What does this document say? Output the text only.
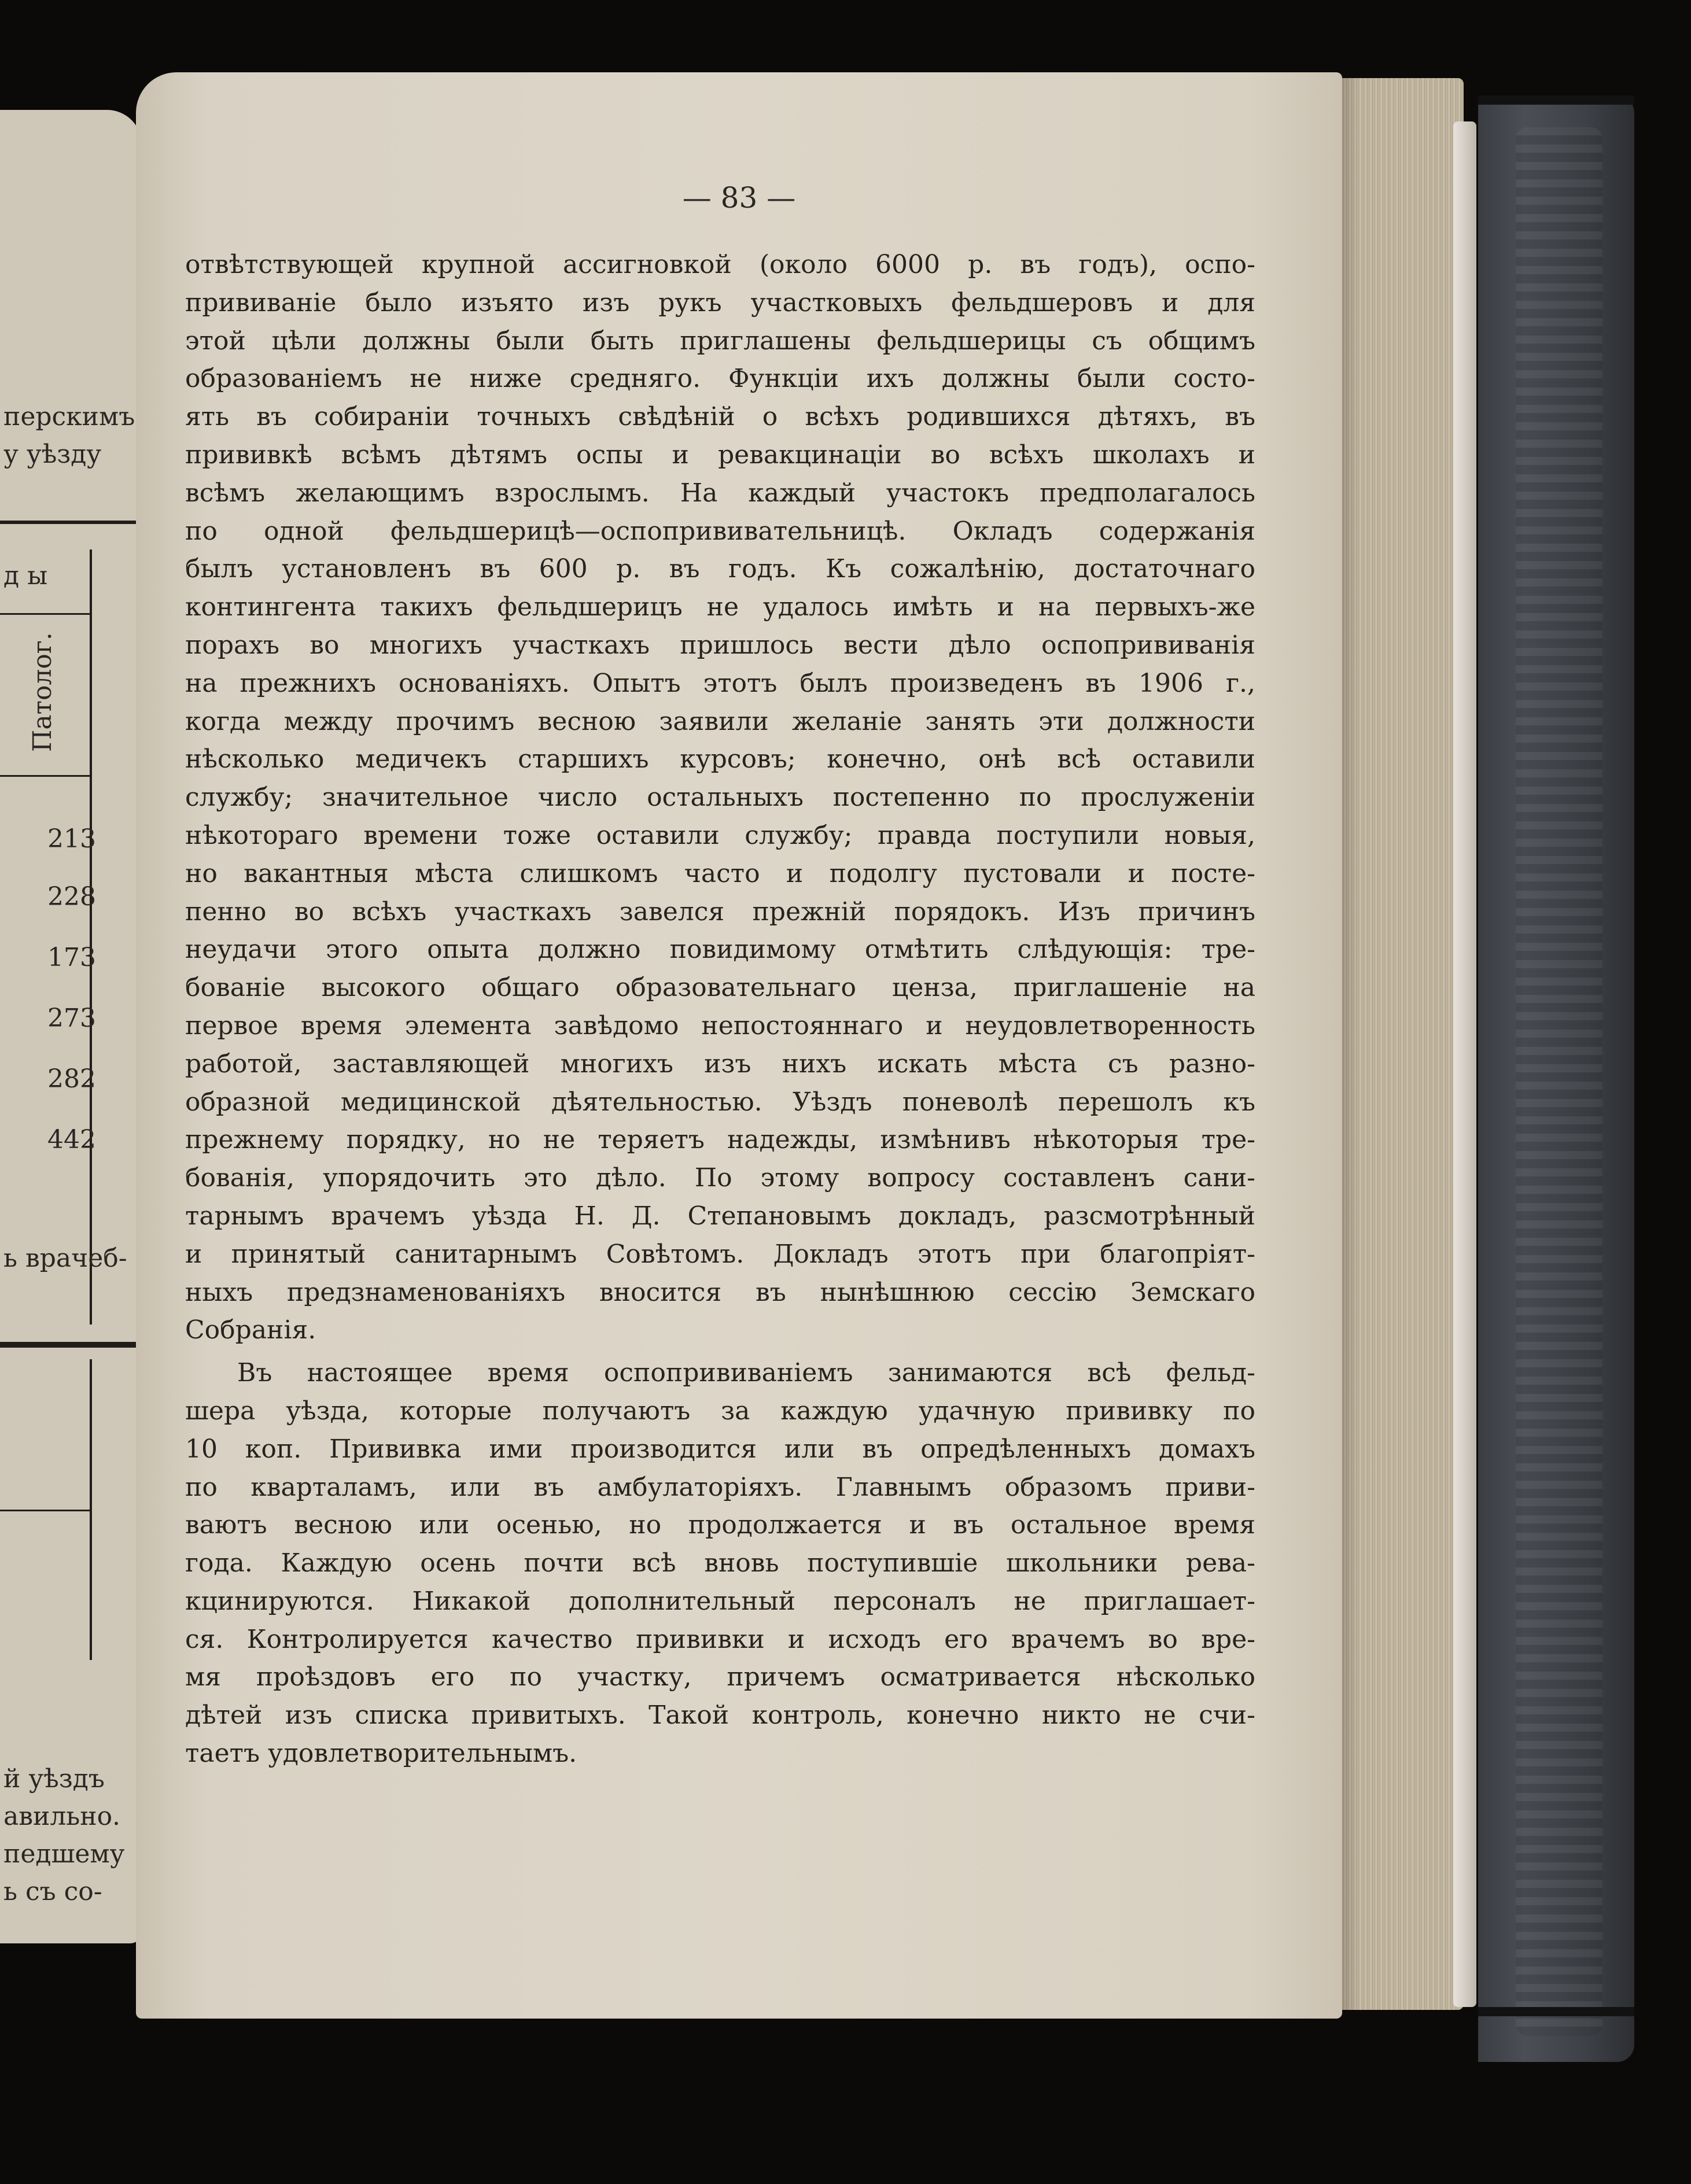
перскимъ
у уѣзду
д ы
Патолог.
213
228
173
273
282
442
ь врачеб-
й уѣздъ
авильно.
педшему
ь съ со-
— 83 —
отвѣтствующей крупной ассигновкой (около 6000 р. въ годъ), оспо-
прививаніе было изъято изъ рукъ участковыхъ фельдшеровъ и для
этой цѣли должны были быть приглашены фельдшерицы съ общимъ
образованіемъ не ниже средняго. Функціи ихъ должны были состо-
ять въ собираніи точныхъ свѣдѣній о всѣхъ родившихся дѣтяхъ, въ
прививкѣ всѣмъ дѣтямъ оспы и ревакцинаціи во всѣхъ школахъ и
всѣмъ желающимъ взрослымъ. На каждый участокъ предполагалось
по одной фельдшерицѣ—оспопрививательницѣ. Окладъ содержанія
былъ установленъ въ 600 р. въ годъ. Къ сожалѣнію, достаточнаго
контингента такихъ фельдшерицъ не удалось имѣть и на первыхъ-же
порахъ во многихъ участкахъ пришлось вести дѣло оспопрививанія
на прежнихъ основаніяхъ. Опытъ этотъ былъ произведенъ въ 1906 г.,
когда между прочимъ весною заявили желаніе занять эти должности
нѣсколько медичекъ старшихъ курсовъ; конечно, онѣ всѣ оставили
службу; значительное число остальныхъ постепенно по прослуженіи
нѣкотораго времени тоже оставили службу; правда поступили новыя,
но вакантныя мѣста слишкомъ часто и подолгу пустовали и посте-
пенно во всѣхъ участкахъ завелся прежній порядокъ. Изъ причинъ
неудачи этого опыта должно повидимому отмѣтить слѣдующія: тре-
бованіе высокого общаго образовательнаго ценза, приглашеніе на
первое время элемента завѣдомо непостояннаго и неудовлетворенность
работой, заставляющей многихъ изъ нихъ искать мѣста съ разно-
образной медицинской дѣятельностью. Уѣздъ поневолѣ перешолъ къ
прежнему порядку, но не теряетъ надежды, измѣнивъ нѣкоторыя тре-
бованія, упорядочить это дѣло. По этому вопросу составленъ сани-
тарнымъ врачемъ уѣзда Н. Д. Степановымъ докладъ, разсмотрѣнный
и принятый санитарнымъ Совѣтомъ. Докладъ этотъ при благопріят-
ныхъ предзнаменованіяхъ вносится въ нынѣшнюю сессію Земскаго
Собранія.
Въ настоящее время оспопрививаніемъ занимаются всѣ фельд-
шера уѣзда, которые получаютъ за каждую удачную прививку по
10 коп. Прививка ими производится или въ опредѣленныхъ домахъ
по кварталамъ, или въ амбулаторіяхъ. Главнымъ образомъ приви-
ваютъ весною или осенью, но продолжается и въ остальное время
года. Каждую осень почти всѣ вновь поступившіе школьники рева-
кцинируются. Никакой дополнительный персоналъ не приглашает-
ся. Контролируется качество прививки и исходъ его врачемъ во вре-
мя проѣздовъ его по участку, причемъ осматривается нѣсколько
дѣтей изъ списка привитыхъ. Такой контроль, конечно никто не счи-
таетъ удовлетворительнымъ.
